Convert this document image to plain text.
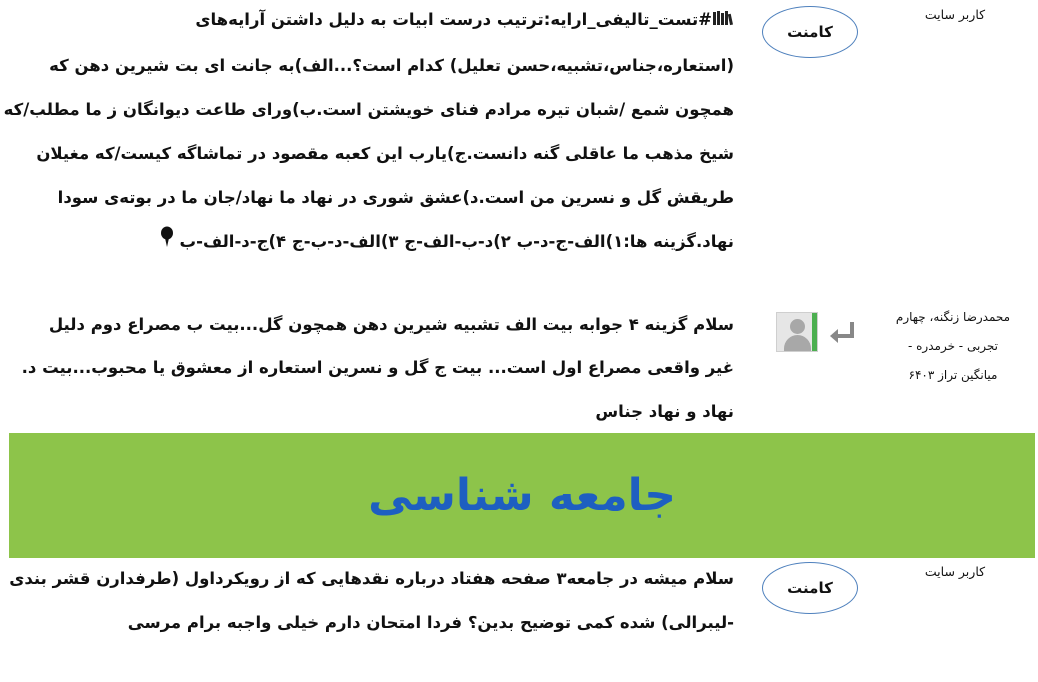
کاربر سایت
کامنت
#تست_تالیفی_ارایه:ترتیب درست ابیات به دلیل داشتن آرایه‌های
(استعاره،جناس،تشبیه،حسن تعلیل) کدام است؟...الف)به جانت ای بت شیرین دهن که
همچون شمع /شبان تیره مرادم فنای خویشتن است.ب)ورای طاعت دیوانگان ز ما مطلب/که
شیخ مذهب ما عاقلی گنه دانست.ج)یارب این کعبه مقصود در تماشاگه کیست/که مغیلان
طریقش گل و نسرین من است.د)عشق شوری در نهاد ما نهاد/جان ما در بوته‌ی سودا
نهاد.گزینه ها:۱)الف-ج-د-ب ۲)د-ب-الف-ج ۳)الف-د-ب-ج ۴)ج-د-الف-ب
محمدرضا زنگنه، چهارم
تجربی - خرمدره -
میانگین تراز ۶۴۰۳
سلام گزینه ۴ جوابه بیت الف تشبیه شیرین دهن همچون گل...بیت ب مصراع دوم دلیل
غیر واقعی مصراع اول است... بیت ج گل و نسرین استعاره از معشوق یا محبوب...بیت د.
نهاد و نهاد جناس
جامعه شناسی
کاربر سایت
کامنت
سلام میشه در جامعه۳ صفحه هفتاد درباره نقدهایی که از رویکرداول (طرفدارن قشر بندی
-لیبرالی) شده کمی توضیح بدین؟ فردا امتحان دارم خیلی واجبه برام مرسی
